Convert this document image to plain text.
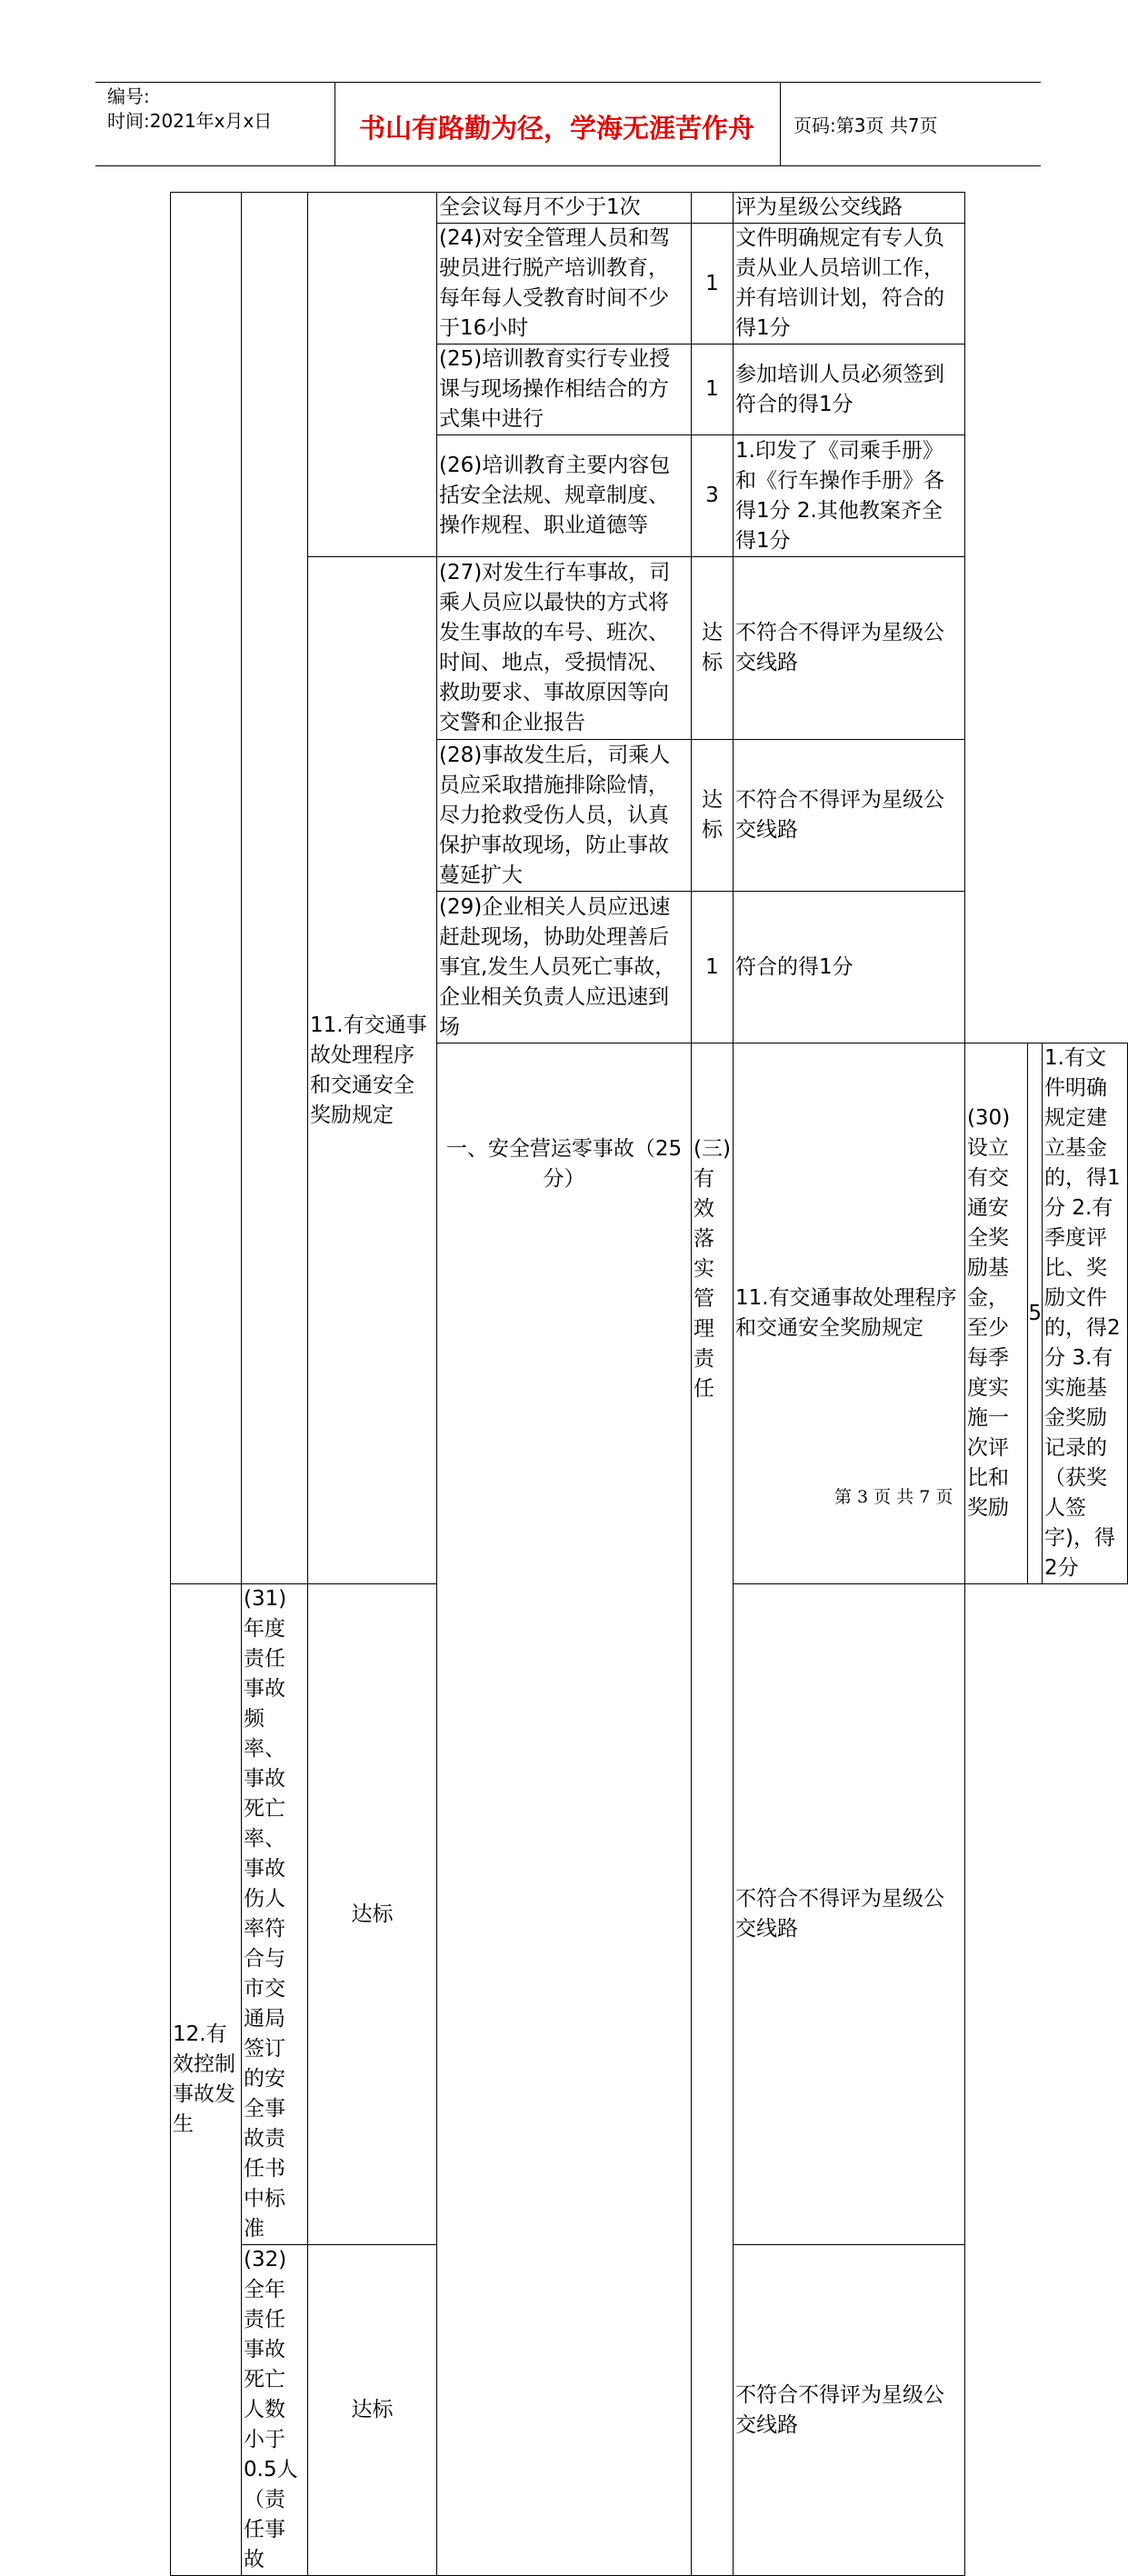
编号:
时间:2021年x月x日	书山有路勤为径，学海无涯苦作舟 页码:第3页 共7页
			全会议每月不少于1次		评为星级公交线路			
			(24)对安全管理人员和驾驶员进行脱产培训教育，每年每人受教育时间不少于16小时	1	文件明确规定有专人负责从业人员培训工作，并有培训计划，符合的得1分			
			(25)培训教育实行专业授课与现场操作相结合的方式集中进行	1	参加培训人员必须签到符合的得1分			
			(26)培训教育主要内容包括安全法规、规章制度、操作规程、职业道德等	3	1.印发了《司乘手册》和《行车操作手册》各得1分 2.其他教案齐全得1分			
		11.有交通事故处理程序和交通安全奖励规定	(27)对发生行车事故，司乘人员应以最快的方式将发生事故的车号、班次、时间、地点，受损情况、救助要求、事故原因等向交警和企业报告	达标	不符合不得评为星级公交线路			
			(28)事故发生后，司乘人员应采取措施排除险情，尽力抢救受伤人员，认真保护事故现场，防止事故蔓延扩大	达标	不符合不得评为星级公交线路			
			(29)企业相关人员应迅速赶赴现场，协助处理善后事宜,发生人员死亡事故，企业相关负责人应迅速到场	1	符合的得1分			
			一、安全营运零事故（25分）	(三)有效落实管理责任	11.有交通事故处理程序和交通安全奖励规定	(30)设立有交通安全奖励基金，至少每季度实施一次评比和奖励	5	1.有文件明确规定建立基金的，得1分 2.有季度评比、奖励文件的，得2分 3.有实施基金奖励记录的（获奖人签字)，得2分
12.有效控制事故发生	(31)年度责任事故频率、事故死亡率、事故伤人率符合与市交通局签订的安全事故责任书中标准	达标			不符合不得评为星级公交线路			
	(32)全年责任事故死亡人数小于0.5人（责任事故	达标			不符合不得评为星级公交线路			
第 3 页 共 7 页
